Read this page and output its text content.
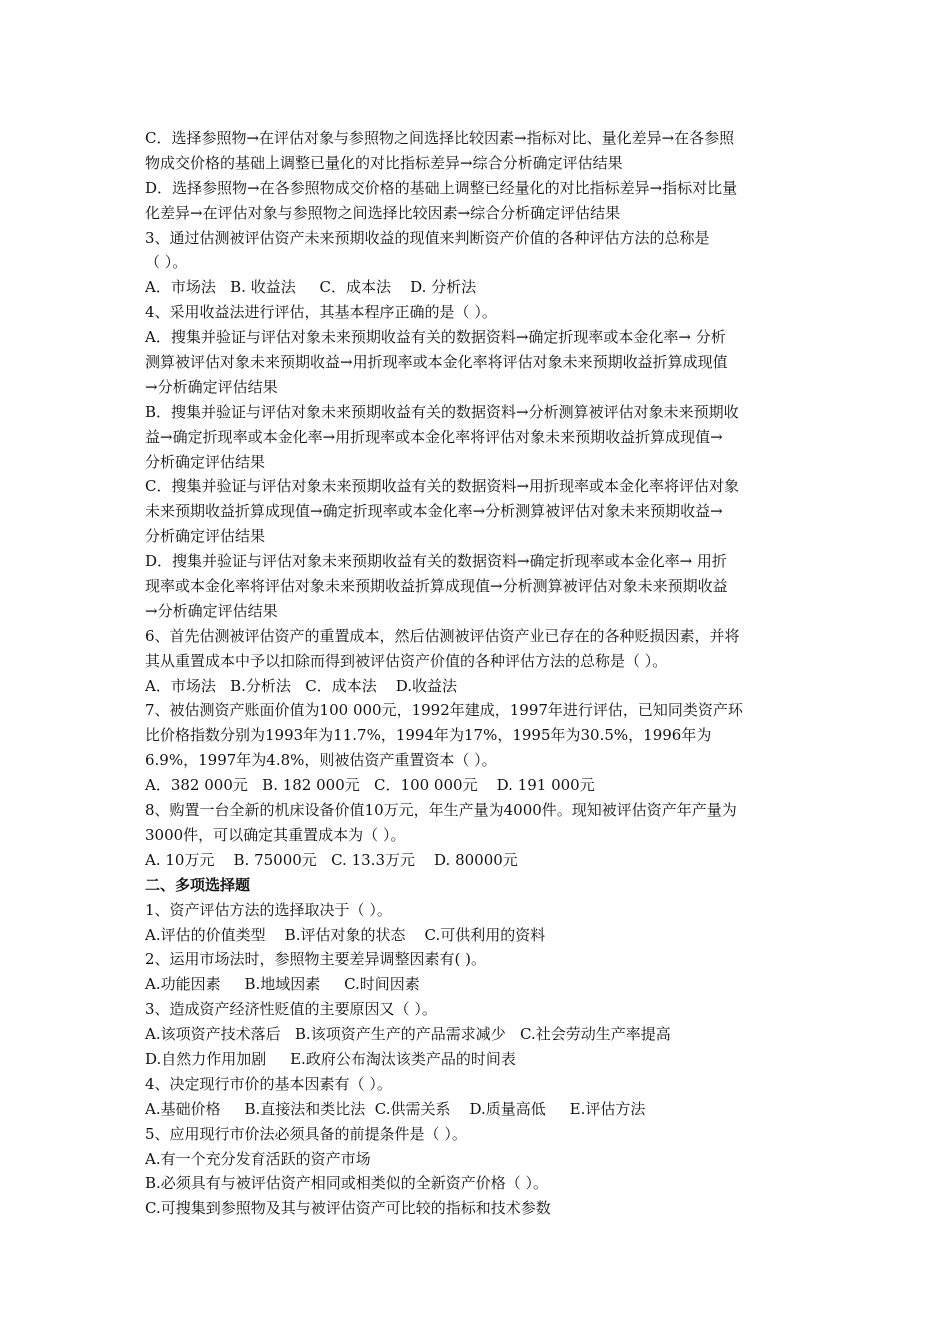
C．选择参照物→在评估对象与参照物之间选择比较因素→指标对比、量化差异→在各参照
物成交价格的基础上调整已量化的对比指标差异→综合分析确定评估结果
D．选择参照物→在各参照物成交价格的基础上调整已经量化的对比指标差异→指标对比量
化差异→在评估对象与参照物之间选择比较因素→综合分析确定评估结果
3、通过估测被评估资产未来预期收益的现值来判断资产价值的各种评估方法的总称是
（ ）。
A．市场法   B. 收益法     C．成本法    D. 分析法
4、采用收益法进行评估，其基本程序正确的是（ ）。
A．搜集并验证与评估对象未来预期收益有关的数据资料→确定折现率或本金化率→ 分析
测算被评估对象未来预期收益→用折现率或本金化率将评估对象未来预期收益折算成现值
→分析确定评估结果
B．搜集并验证与评估对象未来预期收益有关的数据资料→分析测算被评估对象未来预期收
益→确定折现率或本金化率→用折现率或本金化率将评估对象未来预期收益折算成现值→
分析确定评估结果
C．搜集并验证与评估对象未来预期收益有关的数据资料→用折现率或本金化率将评估对象
未来预期收益折算成现值→确定折现率或本金化率→分析测算被评估对象未来预期收益→
分析确定评估结果
D．搜集并验证与评估对象未来预期收益有关的数据资料→确定折现率或本金化率→ 用折
现率或本金化率将评估对象未来预期收益折算成现值→分析测算被评估对象未来预期收益
→分析确定评估结果
6、首先估测被评估资产的重置成本，然后估测被评估资产业已存在的各种贬损因素，并将
其从重置成本中予以扣除而得到被评估资产价值的各种评估方法的总称是（ ）。
A．市场法   B.分析法   C．成本法    D.收益法
7、被估测资产账面价值为100 000元，1992年建成，1997年进行评估，已知同类资产环
比价格指数分别为1993年为11.7%，1994年为17%，1995年为30.5%，1996年为
6.9%，1997年为4.8%，则被估资产重置资本（ ）。
A．382 000元   B. 182 000元   C．100 000元    D. 191 000元
8、购置一台全新的机床设备价值10万元，年生产量为4000件。现知被评估资产年产量为
3000件，可以确定其重置成本为（ ）。
A. 10万元    B. 75000元   C. 13.3万元    D. 80000元
二、多项选择题
1、资产评估方法的选择取决于（ ）。
A.评估的价值类型    B.评估对象的状态    C.可供利用的资料
2、运用市场法时，参照物主要差异调整因素有( )。
A.功能因素     B.地域因素     C.时间因素
3、造成资产经济性贬值的主要原因又（ ）。
A.该项资产技术落后   B.该项资产生产的产品需求减少   C.社会劳动生产率提高
D.自然力作用加剧     E.政府公布淘汰该类产品的时间表
4、决定现行市价的基本因素有（ ）。
A.基础价格     B.直接法和类比法  C.供需关系    D.质量高低     E.评估方法
5、应用现行市价法必须具备的前提条件是（ ）。
A.有一个充分发育活跃的资产市场
B.必须具有与被评估资产相同或相类似的全新资产价格（ ）。
C.可搜集到参照物及其与被评估资产可比较的指标和技术参数
